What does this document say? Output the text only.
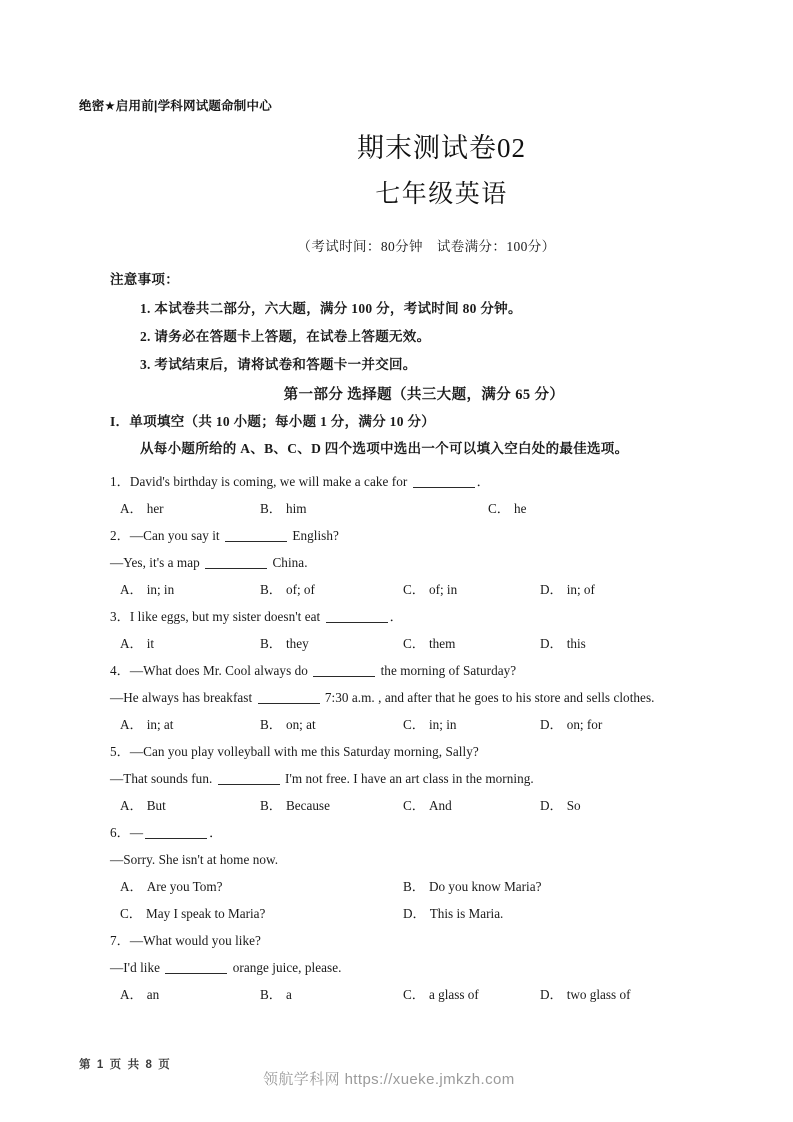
绝密★启用前|学科网试题命制中心
期末测试卷02
七年级英语
（考试时间：80分钟　试卷满分：100分）
注意事项：
1. 本试卷共二部分，六大题，满分 100 分，考试时间 80 分钟。
2. 请务必在答题卡上答题，在试卷上答题无效。
3. 考试结束后，请将试卷和答题卡一并交回。
第一部分 选择题（共三大题，满分 65 分）
I．单项填空（共 10 小题；每小题 1 分，满分 10 分）
从每小题所给的 A、B、C、D 四个选项中选出一个可以填入空白处的最佳选项。
1．David's birthday is coming, we will make a cake for	．
A． her	B． him	C． he
2．—Can you say it	English?
—Yes, it's a map	China.
A． in; in	B． of; of	C． of; in	D． in; of
3．I like eggs, but my sister doesn't eat	．
A． it	B． they	C． them	D． this
4．—What does Mr. Cool always do	the morning of Saturday?
—He always has breakfast	7:30 a.m. , and after that he goes to his store and sells clothes.
A． in; at	B． on; at	C． in; in	D． on; for
5．—Can you play volleyball with me this Saturday morning, Sally?
—That sounds fun.	I'm not free. I have an art class in the morning.
A． But	B． Because	C． And	D． So
6．—	．
—Sorry. She isn't at home now.
A． Are you Tom?	B． Do you know Maria?
C． May I speak to Maria?	D． This is Maria.
7．—What would you like?
—I'd like	orange juice, please.
A． an	B． a	C． a glass of	D． two glass of
第 1 页 共 8 页
领航学科网 https://xueke.jmkzh.com
